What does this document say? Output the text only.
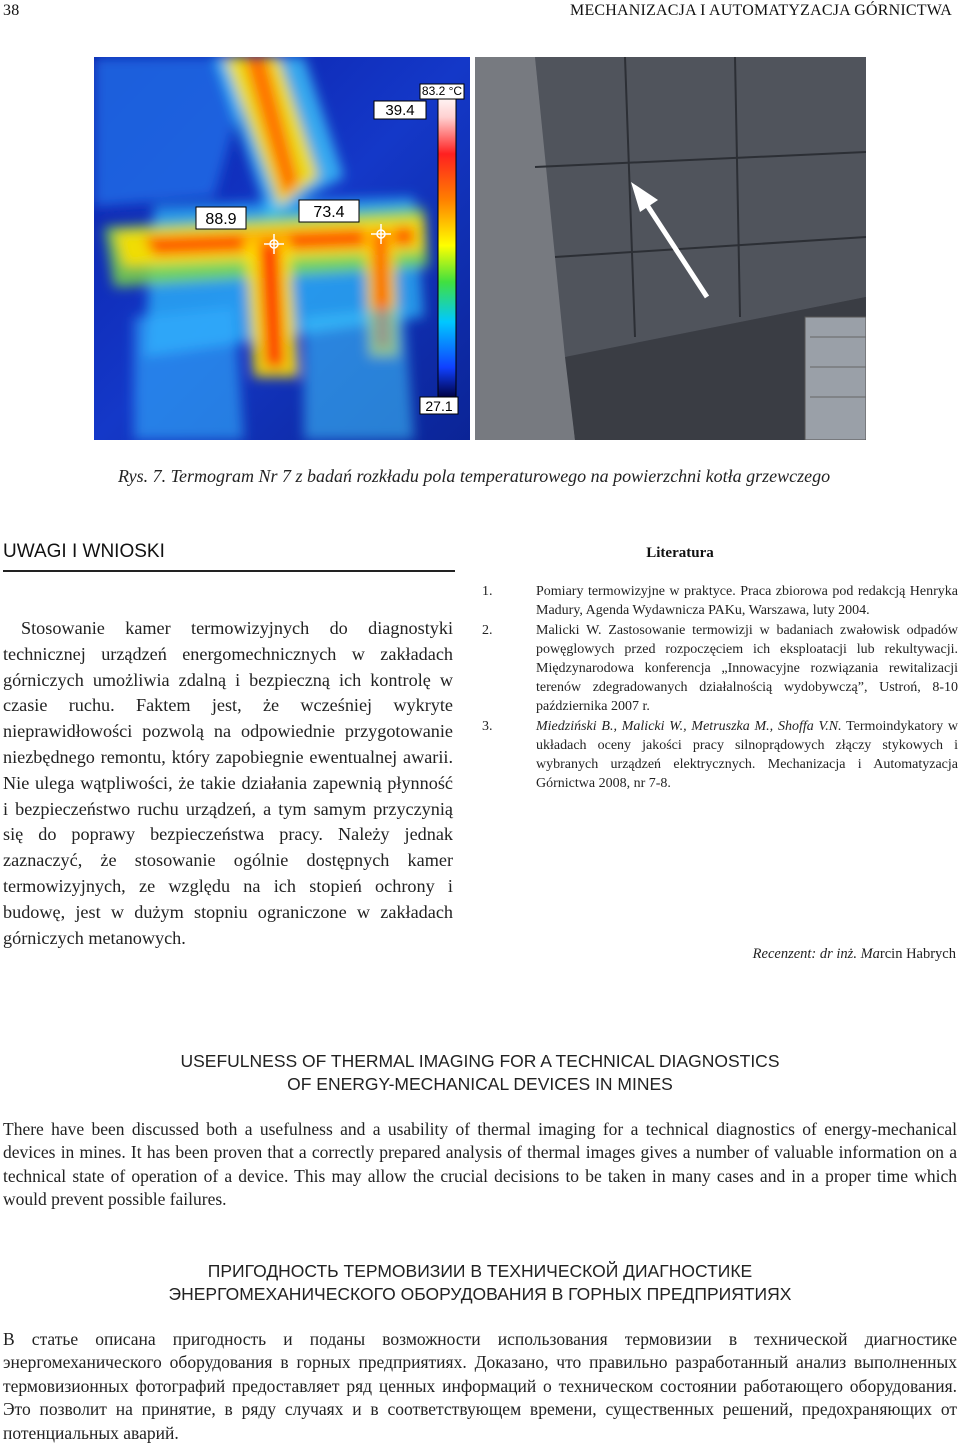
38	MECHANIZACJA I AUTOMATYZACJA GÓRNICTWA
83.2 °C
39.4
27.1
88.9	73.4
Rys. 7. Termogram Nr 7 z badań rozkładu pola temperaturowego na powierzchni kotła grzewczego
UWAGI I WNIOSKI

Stosowanie kamer termowizyjnych do diagnostyki technicznej urządzeń energomechnicznych w zakładach górniczych umożliwia zdalną i bezpieczną ich kontrolę w czasie ruchu. Faktem jest, że wcześniej wykryte nieprawidłowości pozwolą na odpowiednie przygotowanie niezbędnego remontu, który zapobiegnie ewentualnej awarii. Nie ulega wątpliwości, że takie działania zapewnią płynność i bezpieczeństwo ruchu urządzeń, a tym samym przyczynią się do poprawy bezpieczeństwa pracy. Należy jednak zaznaczyć, że stosowanie ogólnie dostępnych kamer termowizyjnych, ze względu na ich stopień ochrony i budowę, jest w dużym stopniu ograniczone w zakładach górniczych metanowych.

Literatura
1.	Pomiary termowizyjne w praktyce. Praca zbiorowa pod redakcją Henryka Madury, Agenda Wydawnicza PAKu, Warszawa, luty 2004.
2.	Malicki W. Zastosowanie termowizji w badaniach zwałowisk odpadów powęglowych przed rozpoczęciem ich eksploatacji lub rekultywacji. Międzynarodowa konferencja „Innowacyjne rozwiązania rewitalizacji terenów zdegradowanych działalnością wydobywczą”, Ustroń, 8-10 października 2007 r.
3.	Miedziński B., Malicki W., Metruszka M., Shoffa V.N. Termoindykatory w układach oceny jakości pracy silnoprądowych złączy stykowych i wybranych urządzeń elektrycznych. Mechanizacja i Automatyzacja Górnictwa 2008, nr 7-8.
Recenzent: dr inż. Marcin Habrych
USEFULNESS OF THERMAL IMAGING FOR A TECHNICAL DIAGNOSTICS
OF ENERGY-MECHANICAL DEVICES IN MINES
There have been discussed both a usefulness and a usability of thermal imaging for a technical diagnostics of energy-mechanical devices in mines. It has been proven that a correctly prepared analysis of thermal images gives a number of valuable information on a technical state of operation of a device. This may allow the crucial decisions to be taken in many cases and in a proper time which would prevent possible failures.
ПРИГОДНОСТЬ ТЕРМОВИЗИИ В ТЕХНИЧЕСКОЙ ДИАГНОСТИКЕ
ЭНЕРГОМЕХАНИЧЕСКОГО ОБОРУДОВАНИЯ В ГОРНЫХ ПРЕДПРИЯТИЯХ
В статье описана пригодность и поданы возможности использования термовизии в технической диагностике энергомеханического оборудования в горных предприятиях. Доказано, что правильно разработанный анализ выполненных термовизионных фотографий предоставляет ряд ценных информаций о техническом состоянии работающего оборудования. Это позволит на принятие, в ряду случаях и в соответствующем времени, существенных решений, предохраняющих от потенциальных аварий.
